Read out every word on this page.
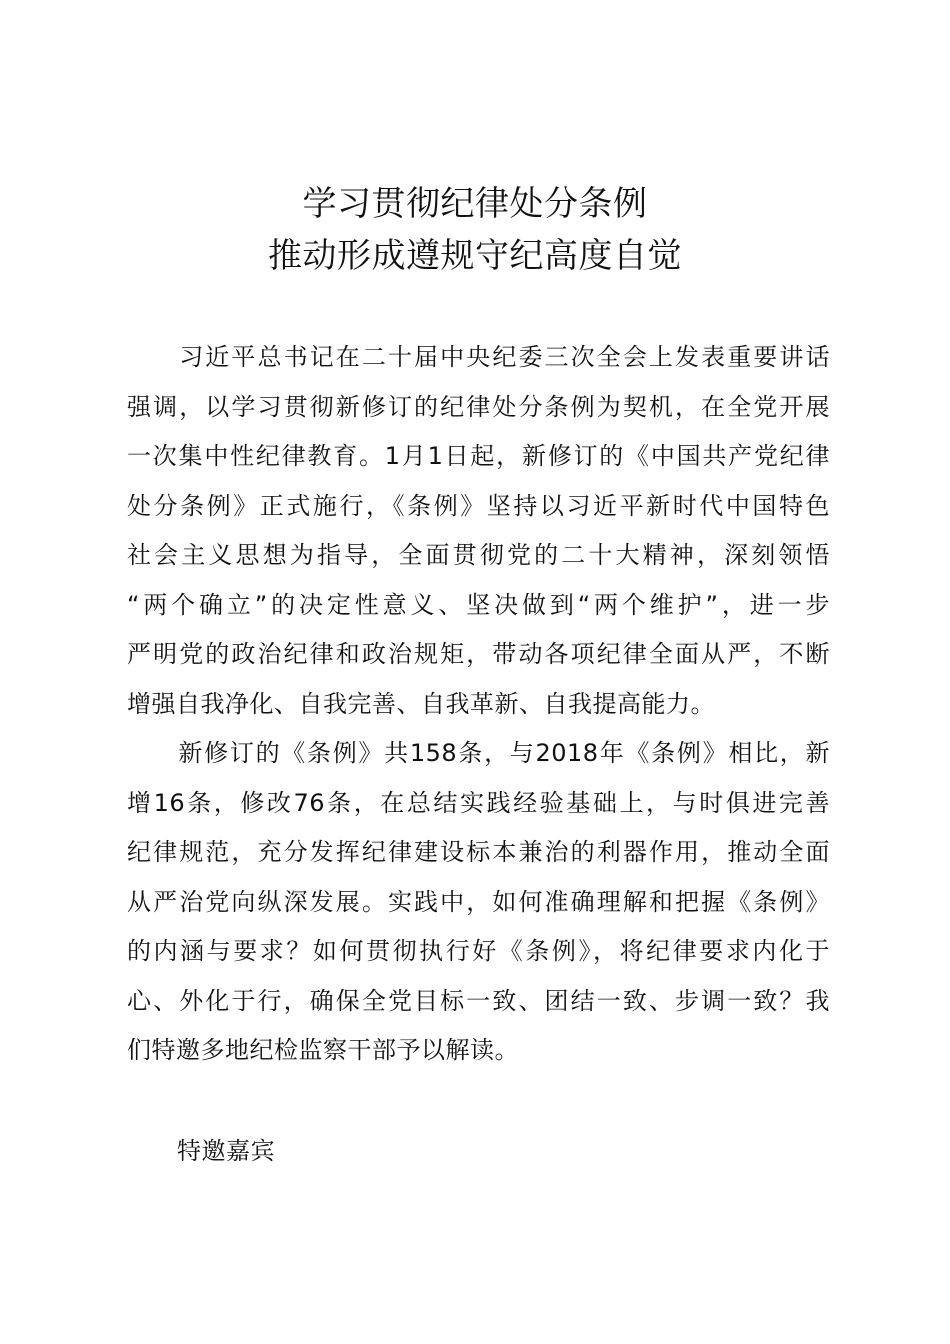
学习贯彻纪律处分条例
推动形成遵规守纪高度自觉
　　习近平总书记在二十届中央纪委三次全会上发表重要讲话
强调，以学习贯彻新修订的纪律处分条例为契机，在全党开展
一次集中性纪律教育。1月1日起，新修订的《中国共产党纪律
处分条例》正式施行，《条例》坚持以习近平新时代中国特色
社会主义思想为指导，全面贯彻党的二十大精神，深刻领悟
“两个确立”的决定性意义、坚决做到“两个维护”，进一步
严明党的政治纪律和政治规矩，带动各项纪律全面从严，不断
增强自我净化、自我完善、自我革新、自我提高能力。
　　新修订的《条例》共158条，与2018年《条例》相比，新
增16条，修改76条，在总结实践经验基础上，与时俱进完善
纪律规范，充分发挥纪律建设标本兼治的利器作用，推动全面
从严治党向纵深发展。实践中，如何准确理解和把握《条例》
的内涵与要求？如何贯彻执行好《条例》，将纪律要求内化于
心、外化于行，确保全党目标一致、团结一致、步调一致？我
们特邀多地纪检监察干部予以解读。
特邀嘉宾
